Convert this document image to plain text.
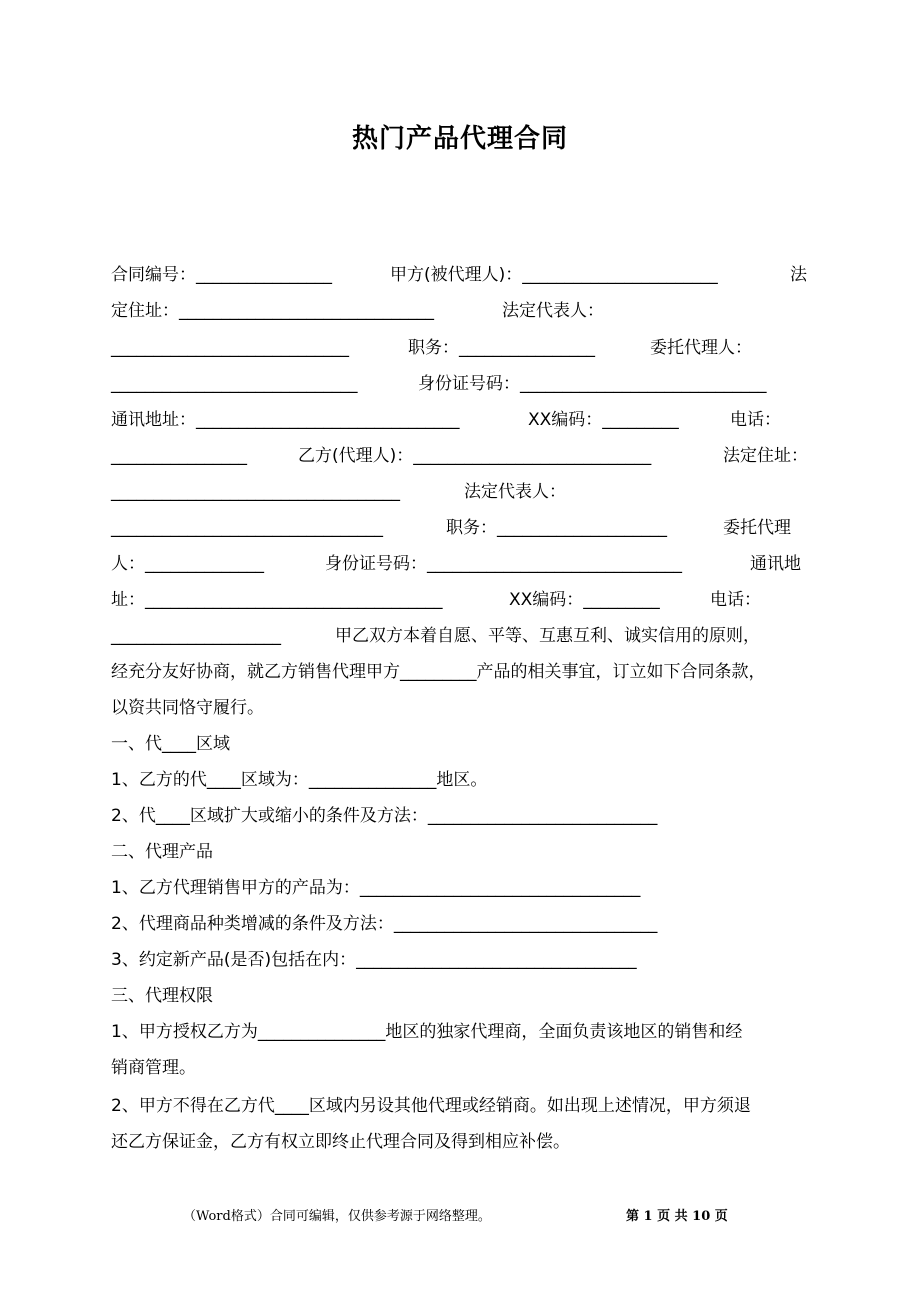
热门产品代理合同
合同编号：________________	甲方(被代理人)：_______________________	法
定住址：______________________________	法定代表人：
____________________________	职务：________________	委托代理人：
_____________________________	身份证号码：_____________________________
通讯地址：_______________________________	XX编码：_________	电话：
________________	乙方(代理人)：____________________________	法定住址：
__________________________________	法定代表人：
________________________________	职务：____________________	委托代理
人：______________	身份证号码：______________________________	通讯地
址：___________________________________	XX编码：_________	电话：
____________________	甲乙双方本着自愿、平等、互惠互利、诚实信用的原则，
经充分友好协商，就乙方销售代理甲方_________产品的相关事宜，订立如下合同条款，
以资共同恪守履行。
一、代____区域
1、乙方的代____区域为：_______________地区。
2、代____区域扩大或缩小的条件及方法：___________________________
二、代理产品
1、乙方代理销售甲方的产品为：_________________________________
2、代理商品种类增减的条件及方法：_______________________________
3、约定新产品(是否)包括在内：_________________________________
三、代理权限
1、甲方授权乙方为_______________地区的独家代理商，全面负责该地区的销售和经
销商管理。
2、甲方不得在乙方代____区域内另设其他代理或经销商。如出现上述情况，甲方须退
还乙方保证金，乙方有权立即终止代理合同及得到相应补偿。
（Word格式）合同可编辑，仅供参考源于网络整理。	第 1 页 共 10 页
